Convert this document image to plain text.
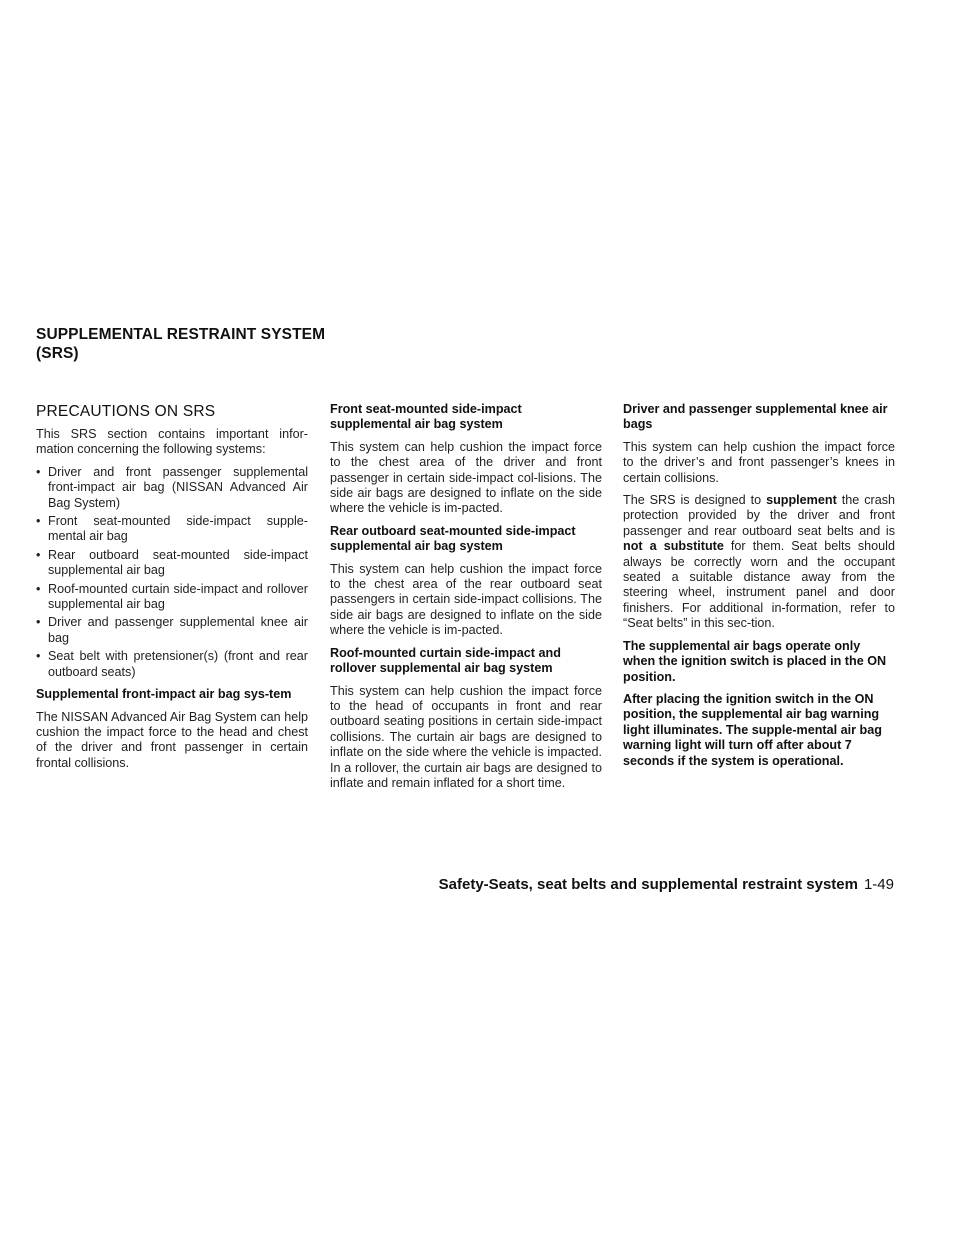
SUPPLEMENTAL RESTRAINT SYSTEM
(SRS)
PRECAUTIONS ON SRS

This SRS section contains important infor-mation concerning the following systems:

• Driver and front passenger supplemental front-impact air bag (NISSAN Advanced Air Bag System)
• Front seat-mounted side-impact supple-mental air bag
• Rear outboard seat-mounted side-impact supplemental air bag
• Roof-mounted curtain side-impact and rollover supplemental air bag
• Driver and passenger supplemental knee air bag
• Seat belt with pretensioner(s) (front and rear outboard seats)

Supplemental front-impact air bag sys-tem

The NISSAN Advanced Air Bag System can help cushion the impact force to the head and chest of the driver and front passenger in certain frontal collisions.

Front seat-mounted side-impact supplemental air bag system

This system can help cushion the impact force to the chest area of the driver and front passenger in certain side-impact col-lisions. The side air bags are designed to inflate on the side where the vehicle is im-pacted.

Rear outboard seat-mounted side-impact supplemental air bag system

This system can help cushion the impact force to the chest area of the rear outboard seat passengers in certain side-impact collisions. The side air bags are designed to inflate on the side where the vehicle is im-pacted.

Roof-mounted curtain side-impact and rollover supplemental air bag system

This system can help cushion the impact force to the head of occupants in front and rear outboard seating positions in certain side-impact collisions. The curtain air bags are designed to inflate on the side where the vehicle is impacted. In a rollover, the curtain air bags are designed to inflate and remain inflated for a short time.

Driver and passenger supplemental knee air bags

This system can help cushion the impact force to the driver’s and front passenger’s knees in certain collisions.

The SRS is designed to supplement the crash protection provided by the driver and front passenger and rear outboard seat belts and is not a substitute for them. Seat belts should always be correctly worn and the occupant seated a suitable distance away from the steering wheel, instrument panel and door finishers. For additional in-formation, refer to “Seat belts” in this sec-tion.

The supplemental air bags operate only when the ignition switch is placed in the ON position.

After placing the ignition switch in the ON position, the supplemental air bag warning light illuminates. The supple-mental air bag warning light will turn off after about 7 seconds if the system is operational.

Safety-Seats, seat belts and supplemental restraint system 1-49
